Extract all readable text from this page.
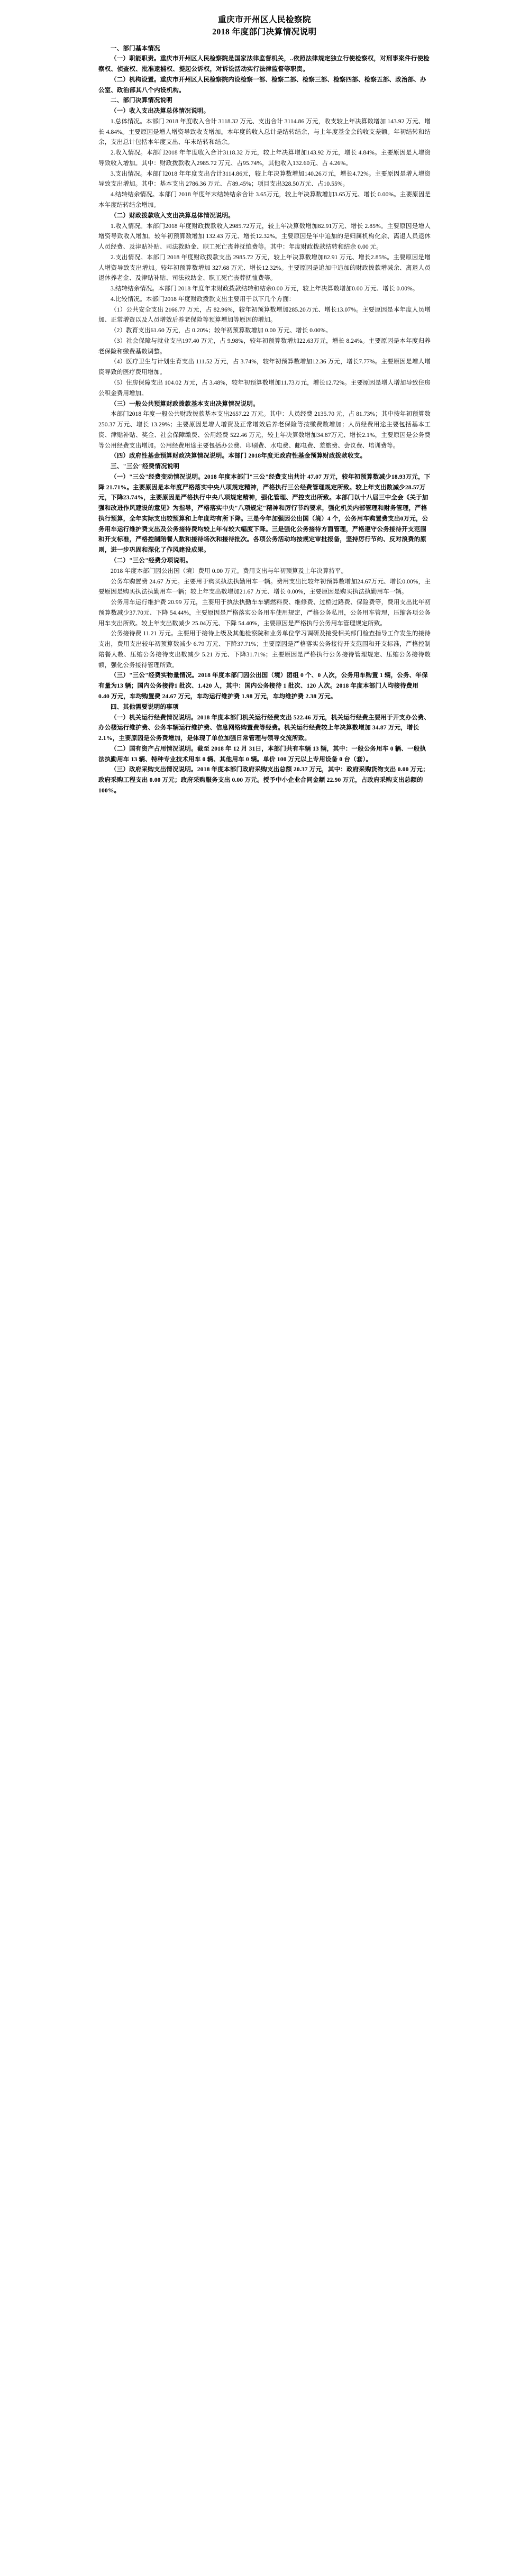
重庆市开州区人民检察院
2018 年度部门决算情况说明

一、部门基本情况

（一）职能职责。重庆市开州区人民检察院是国家法律监督机关，..依照法律规定独立行使检察权，对刑事案件行使检察权、侦查权、批准逮捕权、提起公诉权，对诉讼活动实行法律监督等职责。

（二）机构设置。重庆市开州区人民检察院内设检察一部、检察二部、检察三部、检察四部、检察五部、政治部、办公室、政治部其八个内设机构。

二、部门决算情况说明

（一）收入支出决算总体情况说明。

1.总体情况。本部门 2018 年度收入合计 3118.32 万元、支出合计 3114.86 万元，收支较上年决算数增加 143.92 万元、增长 4.84%。主要原因是增人增资导致收支增加。本年度的收入总计是结转结余，与上年度基金会的收支差额。年初结转和结余，支出总计包括本年度支出、年末结转和结余。

2.收入情况。本部门2018 年年度收入合计3118.32 万元，较上年决算增加143.92 万元，增长 4.84%。主要原因是人增资导致收入增加。其中：财政拨款收入2985.72 万元、占95.74%，其他收入132.60元、占 4.26%。

3.支出情况。本部门2018 年年度支出合计3114.86元，较上年决算数增加140.26万元，增长4.72%。主要原因是增人增资导致支出增加。其中：基本支出 2786.36 万元、占89.45%；项目支出328.50万元、占10.55%。

4.结转结余情况。本部门 2018 年度年末结转结余合计 3.65万元，较上年决算数增加3.65万元、增长 0.00%。主要原因是本年度结转结余增加。

（二）财政拨款收入支出决算总体情况说明。

1.收入情况。本部门2018 年度财政拨款收入2985.72万元，较上年决算数增加82.91万元、增长 2.85%。主要原因是增人增资导致收入增加。较年初预算数增加 132.43 万元、增长12.32%。主要原因是年中追加的是归属机构化余、离退人员退休人员经费、及津贴补贴、司法救助金、职工死亡丧葬抚恤费等。其中：年度财政拨款结转和结余 0.00 元。

2.支出情况。本部门 2018 年度财政拨款支出 2985.72 万元，较上年决算数增加82.91 万元、增长2.85%。主要原因是增人增资导致支出增加。较年初预算数增加 327.68 万元、增长12.32%。主要原因是追加中追加的财政拨款增减余、离退人员退休养老金、及津贴补贴、司法救助金、职工死亡丧葬抚恤费等。

3.结转结余情况。本部门 2018 年度年末财政拨款结转和结余0.00 万元，较上年决算数增加0.00 万元、增长 0.00%。

4.比较情况。本部门2018 年度财政拨款支出主要用于以下几个方面：

（1）公共安全支出 2166.77 万元，占 82.96%，较年初预算数增加285.20万元、增长13.07%。主要原因是本年度人员增加、正常增资以及人员增效后养老保险等预算增加等原因的增加。

（2）教育支出61.60 万元，占 0.20%；较年初预算数增加 0.00 万元、增长 0.00%。

（3）社会保障与就业支出197.40 万元，占 9.98%，较年初预算数增加22.63万元，增长 8.24%。主要原因是本年度归养老保险和缴费基数调整。

（4）医疗卫生与计划生育支出 111.52 万元，占 3.74%，较年初预算数增加12.36 万元，增长7.77%。主要原因是增人增资导致的医疗费用增加。

（5）住房保障支出 104.02 万元，占 3.48%，较年初预算数增加11.73万元，增长12.72%。主要原因是增人增加导致住房公积金费用增加。

（三）一般公共预算财政拨款基本支出决算情况说明。

本部门2018 年度一般公共财政拨款基本支出2657.22 万元。其中：人员经费 2135.70 元，占 81.73%；其中按年初预算数 250.37 万元、增长 13.29%；主要原因是增人增资及正常增效后养老保险等按缴费数增加；人员经费用途主要包括基本工资、津贴补贴、奖金、社会保障缴费、公用经费 522.46 万元，较上年决算数增加34.87万元、增长2.1%，主要原因是公务费等公用经费支出增加。公用经费用途主要包括办公费、印刷费、水电费、邮电费、差旅费、会议费、培训费等。

（四）政府性基金预算财政决算情况说明。本部门 2018年度无政府性基金预算财政拨款收支。

三、"三公"经费情况说明

（一）"三公"经费变动情况说明。2018 年度本部门"三公"经费支出共计 47.07 万元，较年初预算数减少18.93万元，下降 21.71%。主要原因是本年度严格落实中央八项规定精神，严格执行三公经费管理规定所致。较上年支出数减少28.57万元，下降23.74%，主要原因是严格执行中央八项规定精神，强化管理、严控支出所致。本部门以十八届三中全会《关于加强和改进作风建设的意见》为指导，严格落实中央"八项规定"精神和厉行节约要求，强化机关内部管理和财务管理，严格执行预算，全年实际支出较预算和上年度均有所下降。三是今年加强因公出国（境）4 个，公务用车购置费支出0万元，公务用车运行维护费支出及公务接待费均较上年有较大幅度下降。三是强化公务接待方面管理，严格遵守公务接待开支范围和开支标准，严格控制陪餐人数和接待场次和接待批次。各项公务活动均按规定审批报备，坚持厉行节约、反对浪费的原则，进一步巩固和深化了作风建设成果。

（二）"三公"经费分项说明。

2018 年度本部门因公出国（境）费用 0.00 万元。费用支出与年初预算及上年决算持平。

公务车购置费 24.67 万元。主要用于购买执法执勤用车一辆。费用支出比较年初预算数增加24.67万元、增长0.00%，主要原因是购买执法执勤用车一辆；较上年支出数增加21.67 万元、增长 0.00%，主要原因是购买执法执勤用车一辆。

公务用车运行维护费 20.99 万元，主要用于执法执勤车车辆燃料费、维修费、过桥过路费、保险费等，费用支出比年初预算数减少37.70元、下降 54.44%，主要原因是严格落实公务用车使用规定，严格公务私用，公务用车管理，压缩各项公务用车支出所致。较上年支出数减少 25.04万元、下降 54.40%，主要原因是严格执行公务用车管理规定所致。

公务接待费 11.21 万元。主要用于接待上级及其他检察院和业务单位学习调研及接受相关部门检查指导工作发生的接待支出，费用支出较年初预算数减少 6.79 万元、下降37.71%；主要原因是严格落实公务接待开支范围和开支标准，严格控制陪餐人数、压缩公务接待支出数减少 5.21 万元、下降31.71%；主要原因是严格执行公务接待管理规定、压缩公务接待数额，强化公务接待管理所致。

（三）"三公"经费实物量情况。2018 年度本部门因公出国（境）团组 0 个、0 人次，公务用车购置 1 辆，公务、年保有量为13 辆；国内公务接待1 批次、1.420 人，其中：国内公务接待 1 批次、120 人次。2018 年度本部门人均接待费用 0.40 万元，车均购置费 24.67 万元，车均运行维护费 1.98 万元，车均维护费 2.38 万元。

四、其他需要说明的事项

（一）机关运行经费情况说明。2018 年度本部门机关运行经费支出 522.46 万元，机关运行经费主要用于开支办公费、办公楼运行维护费、公务车辆运行维护费、信息网络购置费等经费。机关运行经费较上年决算数增加 34.87 万元，增长2.1%，主要原因是公务费增加，是体现了单位加强日常管理与领导交流所致。

（二）国有资产占用情况说明。截至 2018 年 12 月 31日，本部门共有车辆 13 辆，其中：一般公务用车 0 辆、一般执法执勤用车 13 辆、特种专业技术用车 0 辆、其他用车 0 辆。单价 100 万元以上专用设备 0 台（套）。

（三）政府采购支出情况说明。2018 年度本部门政府采购支出总额 20.37 万元，其中：政府采购货物支出 0.00 万元；政府采购工程支出 0.00 万元；政府采购服务支出 0.00 万元。授予中小企业合同金额 22.90 万元，占政府采购支出总额的100%。
